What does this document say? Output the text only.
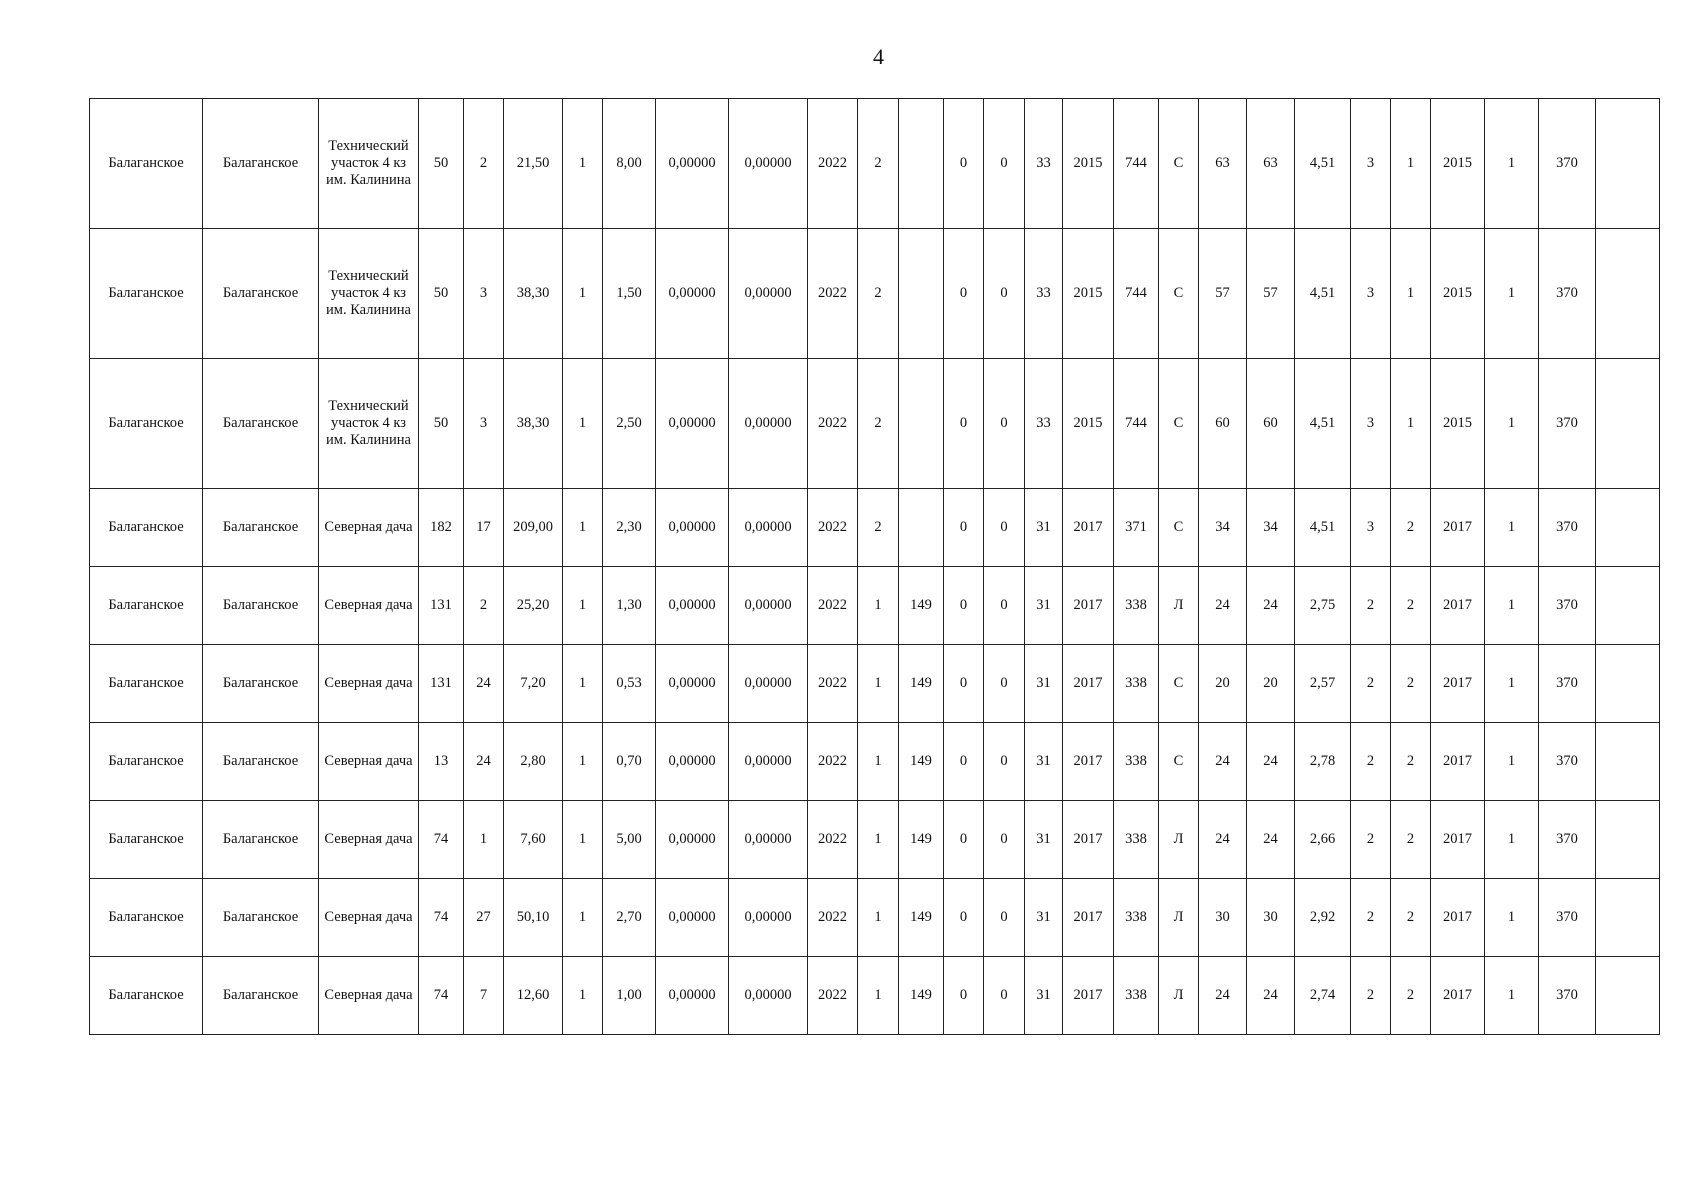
4
Балаганское	Балаганское	Технический участок 4 кз им. Калинина	50	2	21,50	1	8,00	0,00000	0,00000	2022	2		0	0	33	2015	744	С	63	63	4,51	3	1	2015	1	370	
Балаганское	Балаганское	Технический участок 4 кз им. Калинина	50	3	38,30	1	1,50	0,00000	0,00000	2022	2		0	0	33	2015	744	С	57	57	4,51	3	1	2015	1	370	
Балаганское	Балаганское	Технический участок 4 кз им. Калинина	50	3	38,30	1	2,50	0,00000	0,00000	2022	2		0	0	33	2015	744	С	60	60	4,51	3	1	2015	1	370	
Балаганское	Балаганское	Северная дача	182	17	209,00	1	2,30	0,00000	0,00000	2022	2		0	0	31	2017	371	С	34	34	4,51	3	2	2017	1	370	
Балаганское	Балаганское	Северная дача	131	2	25,20	1	1,30	0,00000	0,00000	2022	1	149	0	0	31	2017	338	Л	24	24	2,75	2	2	2017	1	370	
Балаганское	Балаганское	Северная дача	131	24	7,20	1	0,53	0,00000	0,00000	2022	1	149	0	0	31	2017	338	С	20	20	2,57	2	2	2017	1	370	
Балаганское	Балаганское	Северная дача	13	24	2,80	1	0,70	0,00000	0,00000	2022	1	149	0	0	31	2017	338	С	24	24	2,78	2	2	2017	1	370	
Балаганское	Балаганское	Северная дача	74	1	7,60	1	5,00	0,00000	0,00000	2022	1	149	0	0	31	2017	338	Л	24	24	2,66	2	2	2017	1	370	
Балаганское	Балаганское	Северная дача	74	27	50,10	1	2,70	0,00000	0,00000	2022	1	149	0	0	31	2017	338	Л	30	30	2,92	2	2	2017	1	370	
Балаганское	Балаганское	Северная дача	74	7	12,60	1	1,00	0,00000	0,00000	2022	1	149	0	0	31	2017	338	Л	24	24	2,74	2	2	2017	1	370	
